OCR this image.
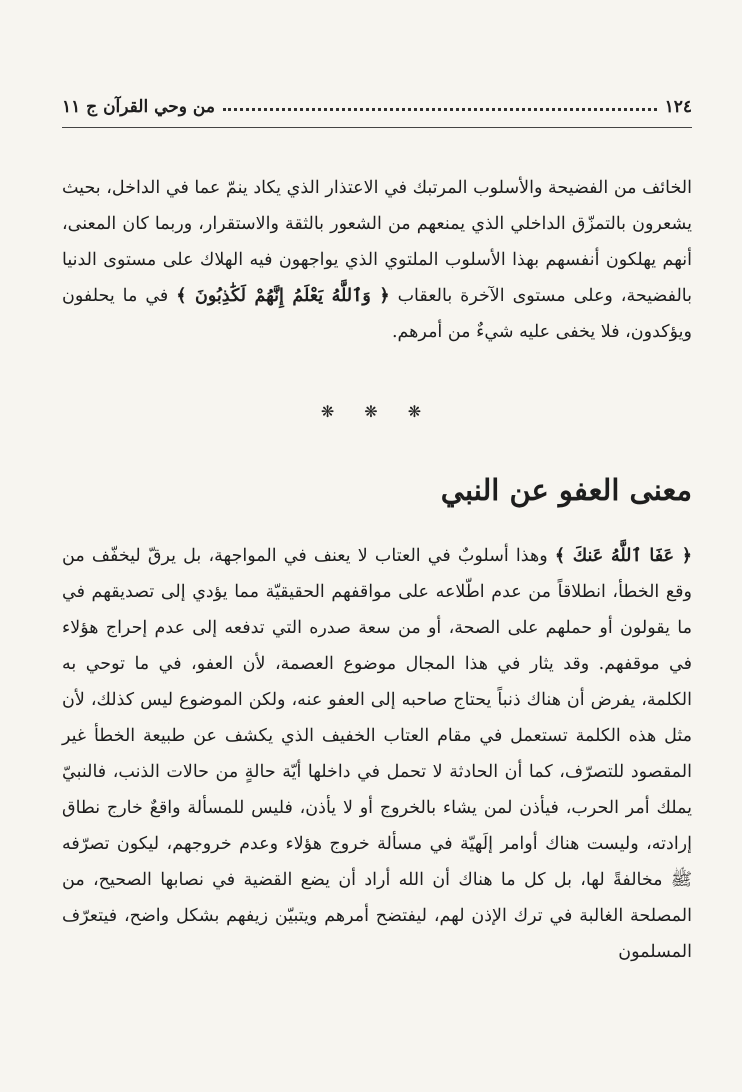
١٢٤
من وحي القرآن ج ١١

الخائف من الفضيحة والأسلوب المرتبك في الاعتذار الذي يكاد ينمّ عما في الداخل، بحيث يشعرون بالتمزّق الداخلي الذي يمنعهم من الشعور بالثقة والاستقرار، وربما كان المعنى، أنهم يهلكون أنفسهم بهذا الأسلوب الملتوي الذي يواجهون فيه الهلاك على مستوى الدنيا بالفضيحة، وعلى مستوى الآخرة بالعقاب ﴿ وَٱللَّهُ يَعْلَمُ إِنَّهُمْ لَكَٰذِبُونَ ﴾ في ما يحلفون ويؤكدون، فلا يخفى عليه شيءٌ من أمرهم.

❋
❋
❋
معنى العفو عن النبي

﴿ عَفَا ٱللَّهُ عَنكَ ﴾ وهذا أسلوبٌ في العتاب لا يعنف في المواجهة، بل يرقّ ليخفّف من وقع الخطأ، انطلاقاً من عدم اطّلاعه على مواقفهم الحقيقيّة مما يؤدي إلى تصديقهم في ما يقولون أو حملهم على الصحة، أو من سعة صدره التي تدفعه إلى عدم إحراج هؤلاء في موقفهم. وقد يثار في هذا المجال موضوع العصمة، لأن العفو، في ما توحي به الكلمة، يفرض أن هناك ذنباً يحتاج صاحبه إلى العفو عنه، ولكن الموضوع ليس كذلك، لأن مثل هذه الكلمة تستعمل في مقام العتاب الخفيف الذي يكشف عن طبيعة الخطأ غير المقصود للتصرّف، كما أن الحادثة لا تحمل في داخلها أيّة حالةٍ من حالات الذنب، فالنبيّ يملك أمر الحرب، فيأذن لمن يشاء بالخروج أو لا يأذن، فليس للمسألة واقعٌ خارج نطاق إرادته، وليست هناك أوامر إلَهيّة في مسألة خروج هؤلاء وعدم خروجهم، ليكون تصرّفه ﷺ مخالفةً لها، بل كل ما هناك أن الله أراد أن يضع القضية في نصابها الصحيح، من المصلحة الغالبة في ترك الإذن لهم، ليفتضح أمرهم ويتبيّن زيفهم بشكل واضح، فيتعرّف المسلمون
